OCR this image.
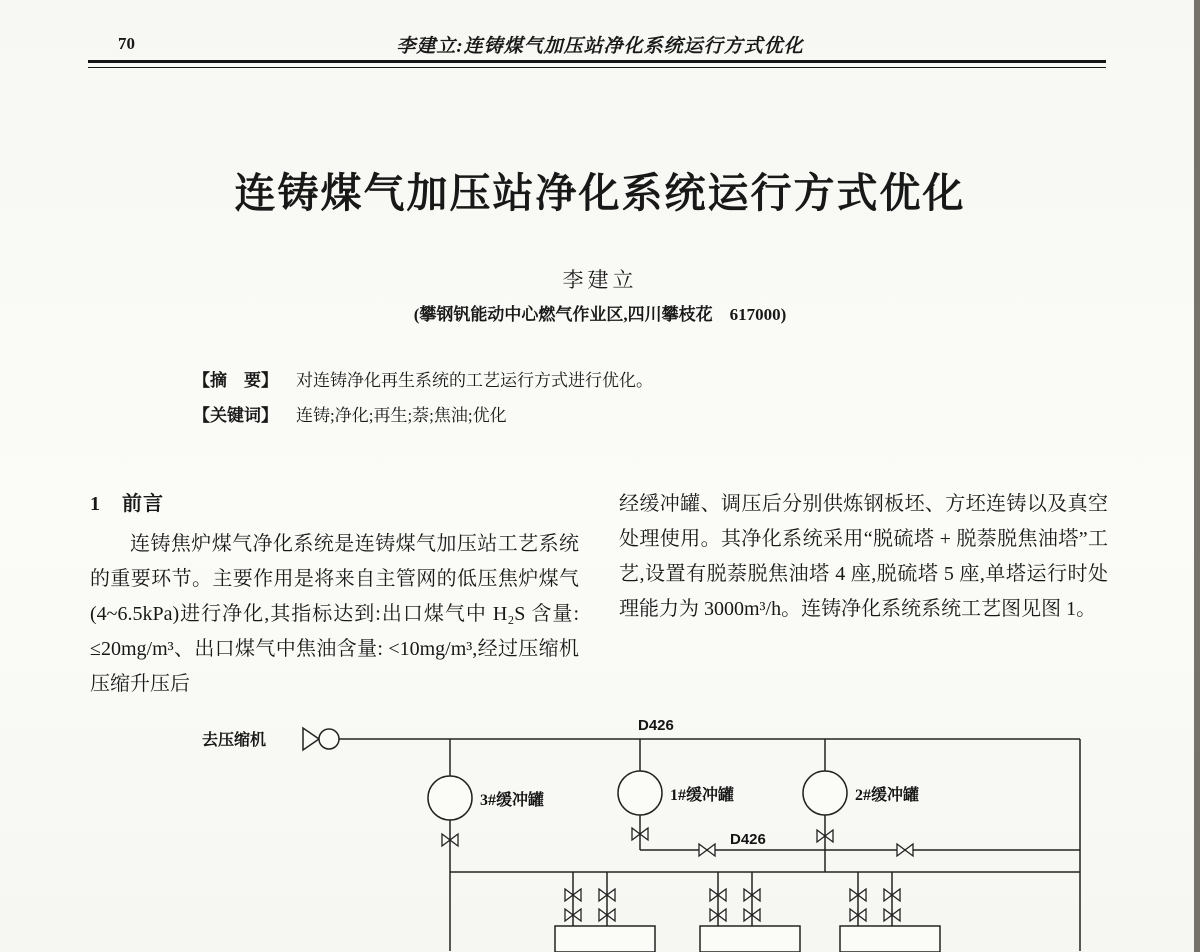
70	李建立:连铸煤气加压站净化系统运行方式优化
连铸煤气加压站净化系统运行方式优化
李建立
(攀钢钒能动中心燃气作业区,四川攀枝花　617000)
【摘　要】 对连铸净化再生系统的工艺运行方式进行优化。
【关键词】 连铸;净化;再生;萘;焦油;优化
1　前言

连铸焦炉煤气净化系统是连铸煤气加压站工艺系统的重要环节。主要作用是将来自主管网的低压焦炉煤气(4~6.5kPa)进行净化,其指标达到:出口煤气中 H₂S 含量: ≤20mg/m³、出口煤气中焦油含量: <10mg/m³,经过压缩机压缩升压后

经缓冲罐、调压后分别供炼钢板坯、方坯连铸以及真空处理使用。其净化系统采用“脱硫塔 + 脱萘脱焦油塔”工艺,设置有脱萘脱焦油塔 4 座,脱硫塔 5 座,单塔运行时处理能力为 3000m³/h。连铸净化系统系统工艺图见图 1。

去压缩机
D426
3#缓冲罐	1#缓冲罐	2#缓冲罐
D426
